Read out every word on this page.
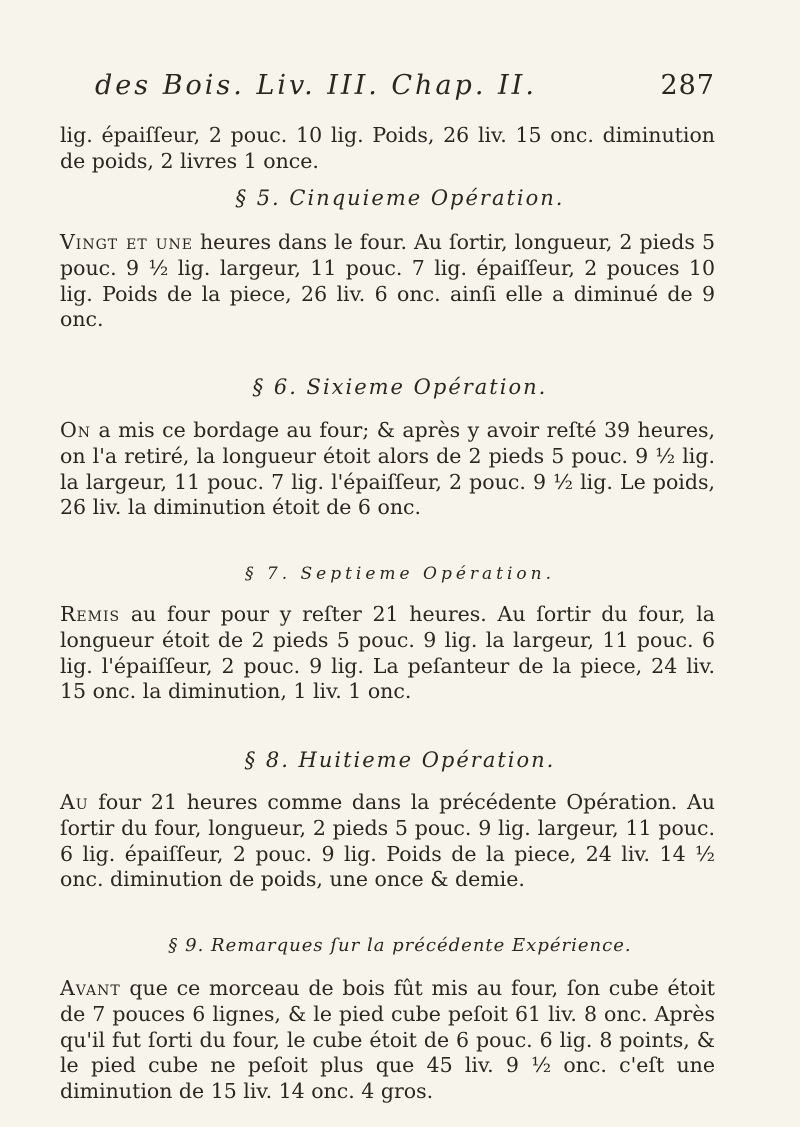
des Bois. Liv. III. Chap. II.	287
lig. épaiſſeur, 2 pouc. 10 lig. Poids, 26 liv. 15 onc. diminution de poids, 2 livres 1 once.
§ 5. Cinquieme Opération.
Vingt et une heures dans le four. Au ſortir, longueur, 2 pieds 5 pouc. 9 ½ lig. largeur, 11 pouc. 7 lig. épaiſſeur, 2 pouces 10 lig. Poids de la piece, 26 liv. 6 onc. ainſi elle a diminué de 9 onc.
§ 6. Sixieme Opération.
On a mis ce bordage au four; & après y avoir reſté 39 heures, on l'a retiré, la longueur étoit alors de 2 pieds 5 pouc. 9 ½ lig. la largeur, 11 pouc. 7 lig. l'épaiſſeur, 2 pouc. 9 ½ lig. Le poids, 26 liv. la diminution étoit de 6 onc.
§ 7. Septieme Opération.
Remis au four pour y reſter 21 heures. Au ſortir du four, la longueur étoit de 2 pieds 5 pouc. 9 lig. la largeur, 11 pouc. 6 lig. l'épaiſſeur, 2 pouc. 9 lig. La peſanteur de la piece, 24 liv. 15 onc. la diminution, 1 liv. 1 onc.
§ 8. Huitieme Opération.
Au four 21 heures comme dans la précédente Opération. Au ſortir du four, longueur, 2 pieds 5 pouc. 9 lig. largeur, 11 pouc. 6 lig. épaiſſeur, 2 pouc. 9 lig. Poids de la piece, 24 liv. 14 ½ onc. diminution de poids, une once & demie.
§ 9. Remarques ſur la précédente Expérience.
Avant que ce morceau de bois fût mis au four, ſon cube étoit de 7 pouces 6 lignes, & le pied cube peſoit 61 liv. 8 onc. Après qu'il fut ſorti du four, le cube étoit de 6 pouc. 6 lig. 8 points, & le pied cube ne peſoit plus que 45 liv. 9 ½ onc. c'eſt une diminution de 15 liv. 14 onc. 4 gros.
